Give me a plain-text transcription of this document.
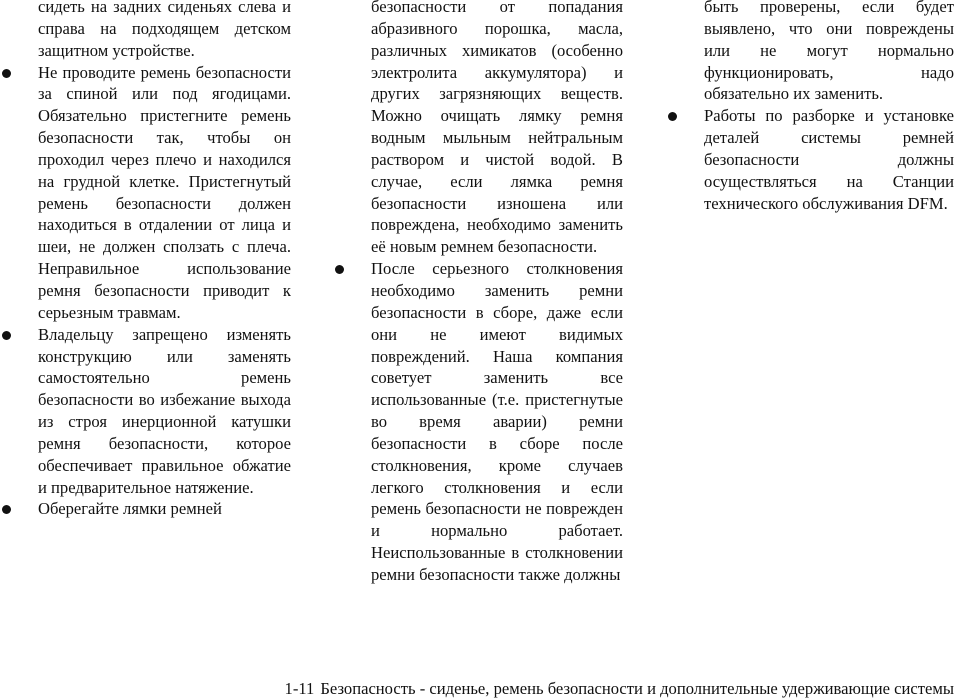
сидеть на задних сиденьях слева и справа на подходящем детском защитном устройстве.

Не проводите ремень безопасности за спиной или под ягодицами. Обязательно пристегните ремень безопасности так, чтобы он проходил через плечо и находился на грудной клетке. Пристегнутый ремень безопасности должен находиться в отдалении от лица и шеи, не должен сползать с плеча. Неправильное использование ремня безопасности приводит к серьезным травмам.

Владельцу запрещено изменять конструкцию или заменять самостоятельно ремень безопасности во избежание выхода из строя инерционной катушки ремня безопасности, которое обеспечивает правильное обжатие и предварительное натяжение.

Оберегайте лямки ремней

безопасности от попадания абразивного порошка, масла, различных химикатов (особенно электролита аккумулятора) и других загрязняющих веществ. Можно очищать лямку ремня водным мыльным нейтральным раствором и чистой водой. В случае, если лямка ремня безопасности изношена или повреждена, необходимо заменить её новым ремнем безопасности.

После серьезного столкновения необходимо заменить ремни безопасности в сборе, даже если они не имеют видимых повреждений. Наша компания советует заменить все использованные (т.е. пристегнутые во время аварии) ремни безопасности в сборе после столкновения, кроме случаев легкого столкновения и если ремень безопасности не поврежден и нормально работает. Неиспользованные в столкновении ремни безопасности также должны

быть проверены, если будет выявлено, что они повреждены или не могут нормально функционировать, надо обязательно их заменить.

Работы по разборке и установке деталей системы ремней безопасности должны осуществляться на Станции технического обслуживания DFM.

1-11 Безопасность - сиденье, ремень безопасности и дополнительные удерживающие системы
